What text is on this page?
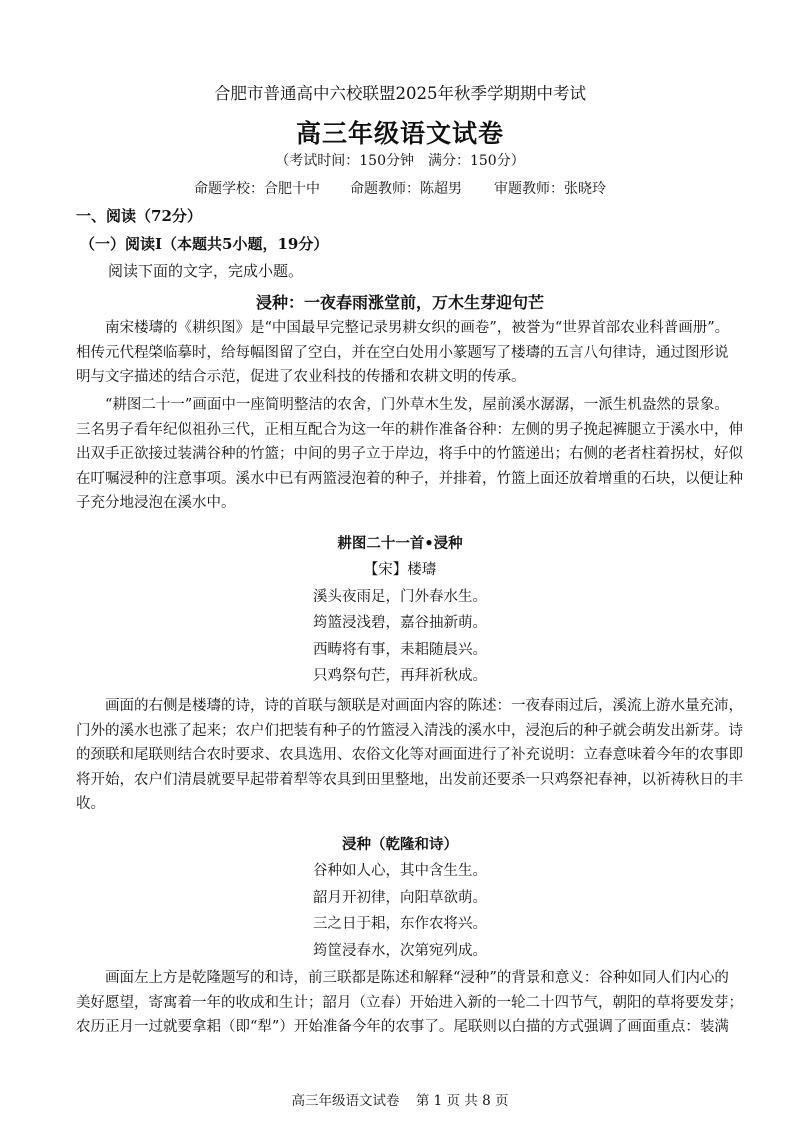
合肥市普通高中六校联盟2025年秋季学期期中考试
高三年级语文试卷
（考试时间：150分钟　满分：150分）
命题学校：合肥十中 命题教师：陈超男 审题教师：张晓玲
一、阅读（72分）
（一）阅读Ⅰ（本题共5小题，19分）
阅读下面的文字，完成小题。
浸种：一夜春雨涨堂前，万木生芽迎句芒
南宋楼璹的《耕织图》是“中国最早完整记录男耕女织的画卷”，被誉为“世界首部农业科普画册”。
相传元代程棨临摹时，给每幅图留了空白，并在空白处用小篆题写了楼璹的五言八句律诗，通过图形说
明与文字描述的结合示范，促进了农业科技的传播和农耕文明的传承。
“耕图二十一”画面中一座简明整洁的农舍，门外草木生发，屋前溪水潺潺，一派生机盎然的景象。
三名男子看年纪似祖孙三代，正相互配合为这一年的耕作准备谷种：左侧的男子挽起裤腿立于溪水中，伸
出双手正欲接过装满谷种的竹篮；中间的男子立于岸边，将手中的竹篮递出；右侧的老者柱着拐杖，好似
在叮嘱浸种的注意事项。溪水中已有两篮浸泡着的种子，并排着，竹篮上面还放着增重的石块，以便让种
子充分地浸泡在溪水中。
耕图二十一首•浸种
【宋】楼璹
溪头夜雨足，门外春水生。
筠篮浸浅碧，嘉谷抽新萌。
西畴将有事，耒耜随晨兴。
只鸡祭句芒，再拜祈秋成。
画面的右侧是楼璹的诗，诗的首联与颔联是对画面内容的陈述：一夜春雨过后，溪流上游水量充沛，
门外的溪水也涨了起来；农户们把装有种子的竹篮浸入清浅的溪水中，浸泡后的种子就会萌发出新芽。诗
的颈联和尾联则结合农时要求、农具选用、农俗文化等对画面进行了补充说明：立春意味着今年的农事即
将开始，农户们清晨就要早起带着犁等农具到田里整地，出发前还要杀一只鸡祭祀春神，以祈祷秋日的丰
收。
浸种（乾隆和诗）
谷种如人心，其中含生生。
韶月开初律，向阳草欲萌。
三之日于耜，东作农将兴。
筠筐浸春水，次第宛列成。
画面左上方是乾隆题写的和诗，前三联都是陈述和解释“浸种”的背景和意义：谷种如同人们内心的
美好愿望，寄寓着一年的收成和生计；韶月（立春）开始进入新的一轮二十四节气，朝阳的草将要发芽；
农历正月一过就要拿耜（即“犁”）开始准备今年的农事了。尾联则以白描的方式强调了画面重点：装满
高三年级语文试卷 第 1 页 共 8 页
